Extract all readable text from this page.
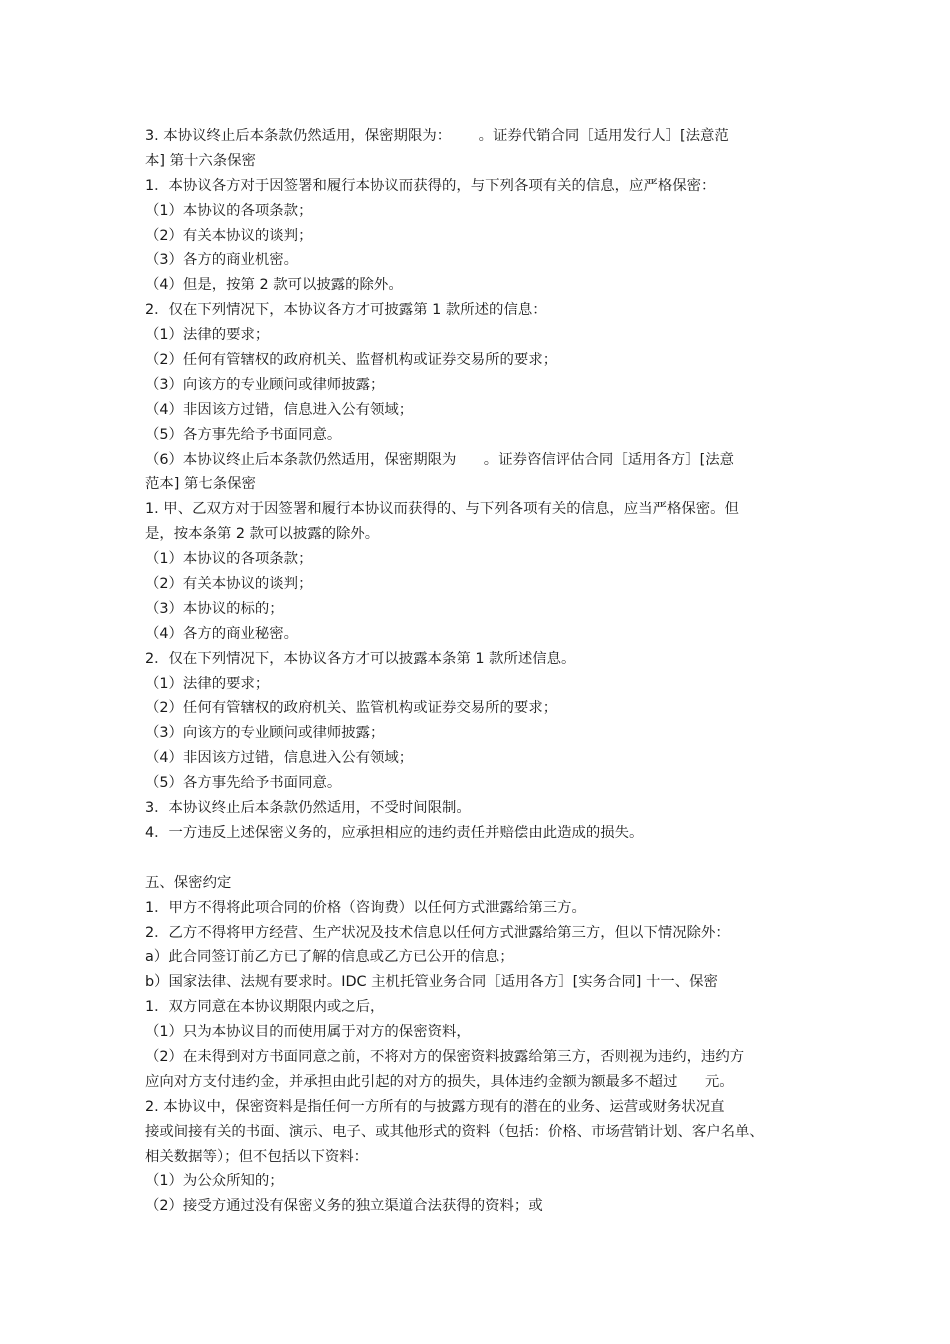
3. 本协议终止后本条款仍然适用，保密期限为：      。证券代销合同［适用发行人］[法意范
本] 第十六条保密
1．本协议各方对于因签署和履行本协议而获得的，与下列各项有关的信息，应严格保密：
（1）本协议的各项条款；
（2）有关本协议的谈判；
（3）各方的商业机密。
（4）但是，按第 2 款可以披露的除外。
2．仅在下列情况下，本协议各方才可披露第 1 款所述的信息：
（1）法律的要求；
（2）任何有管辖权的政府机关、监督机构或证券交易所的要求；
（3）向该方的专业顾问或律师披露；
（4）非因该方过错，信息进入公有领域；
（5）各方事先给予书面同意。
（6）本协议终止后本条款仍然适用，保密期限为      。证券咨信评估合同［适用各方］[法意
范本] 第七条保密
1. 甲、乙双方对于因签署和履行本协议而获得的、与下列各项有关的信息，应当严格保密。但
是，按本条第 2 款可以披露的除外。
（1）本协议的各项条款；
（2）有关本协议的谈判；
（3）本协议的标的；
（4）各方的商业秘密。
2．仅在下列情况下，本协议各方才可以披露本条第 1 款所述信息。
（1）法律的要求；
（2）任何有管辖权的政府机关、监管机构或证券交易所的要求；
（3）向该方的专业顾问或律师披露；
（4）非因该方过错，信息进入公有领域；
（5）各方事先给予书面同意。
3．本协议终止后本条款仍然适用，不受时间限制。
4．一方违反上述保密义务的，应承担相应的违约责任并赔偿由此造成的损失。
五、保密约定
1．甲方不得将此项合同的价格（咨询费）以任何方式泄露给第三方。
2．乙方不得将甲方经营、生产状况及技术信息以任何方式泄露给第三方，但以下情况除外：
a）此合同签订前乙方已了解的信息或乙方已公开的信息；
b）国家法律、法规有要求时。IDC 主机托管业务合同［适用各方］[实务合同] 十一、保密
1．双方同意在本协议期限内或之后，
（1）只为本协议目的而使用属于对方的保密资料，
（2）在未得到对方书面同意之前，不将对方的保密资料披露给第三方，否则视为违约，违约方
应向对方支付违约金，并承担由此引起的对方的损失，具体违约金额为额最多不超过      元。
2. 本协议中，保密资料是指任何一方所有的与披露方现有的潜在的业务、运营或财务状况直
接或间接有关的书面、演示、电子、或其他形式的资料（包括：价格、市场营销计划、客户名单、
相关数据等）；但不包括以下资料：
（1）为公众所知的；
（2）接受方通过没有保密义务的独立渠道合法获得的资料；或
